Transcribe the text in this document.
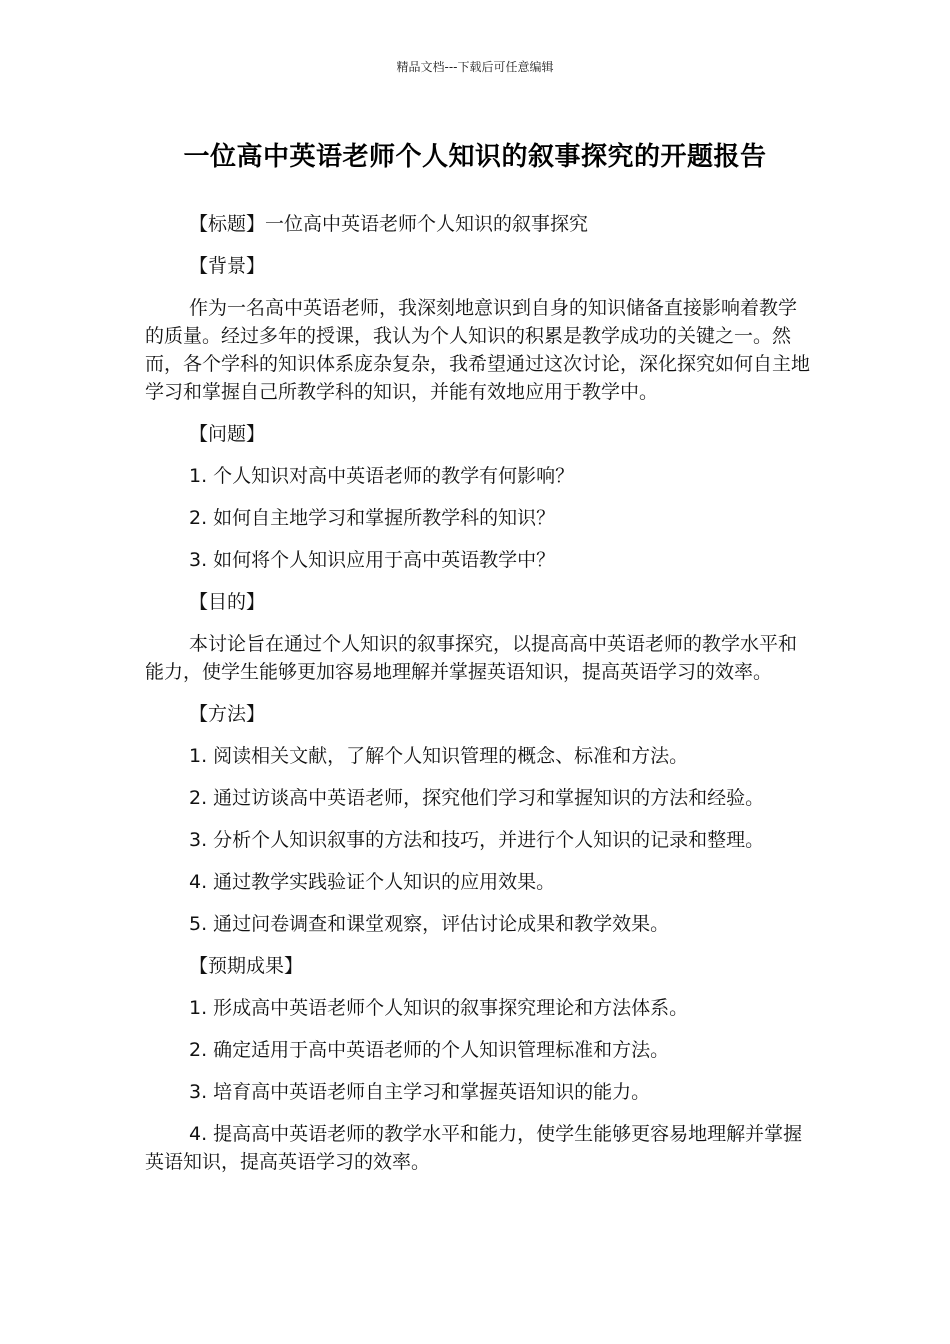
精品文档---下载后可任意编辑
一位高中英语老师个人知识的叙事探究的开题报告

【标题】一位高中英语老师个人知识的叙事探究

【背景】

作为一名高中英语老师，我深刻地意识到自身的知识储备直接影响着教学的质量。经过多年的授课，我认为个人知识的积累是教学成功的关键之一。然而，各个学科的知识体系庞杂复杂，我希望通过这次讨论，深化探究如何自主地学习和掌握自己所教学科的知识，并能有效地应用于教学中。

【问题】

1. 个人知识对高中英语老师的教学有何影响？

2. 如何自主地学习和掌握所教学科的知识？

3. 如何将个人知识应用于高中英语教学中？

【目的】

本讨论旨在通过个人知识的叙事探究，以提高高中英语老师的教学水平和能力，使学生能够更加容易地理解并掌握英语知识，提高英语学习的效率。

【方法】

1. 阅读相关文献，了解个人知识管理的概念、标准和方法。

2. 通过访谈高中英语老师，探究他们学习和掌握知识的方法和经验。

3. 分析个人知识叙事的方法和技巧，并进行个人知识的记录和整理。

4. 通过教学实践验证个人知识的应用效果。

5. 通过问卷调查和课堂观察，评估讨论成果和教学效果。

【预期成果】

1. 形成高中英语老师个人知识的叙事探究理论和方法体系。

2. 确定适用于高中英语老师的个人知识管理标准和方法。

3. 培育高中英语老师自主学习和掌握英语知识的能力。

4. 提高高中英语老师的教学水平和能力，使学生能够更容易地理解并掌握英语知识，提高英语学习的效率。
